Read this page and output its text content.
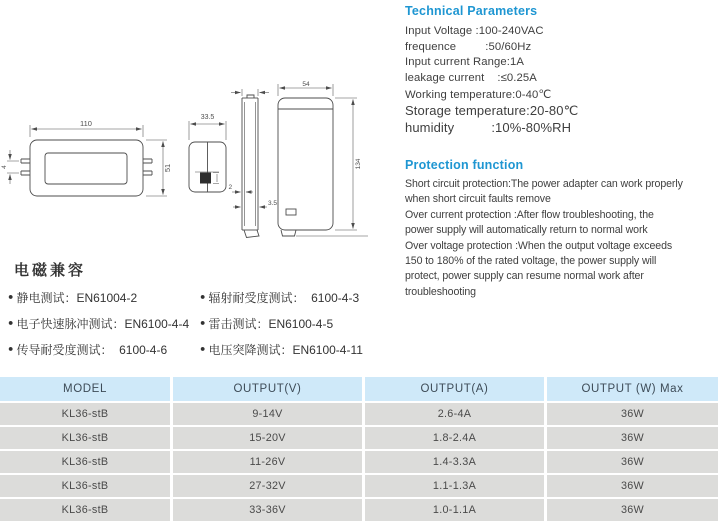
110
51
4
33.5
2
3.5
54
134
Technical Parameters
Input Voltage :100-240VAC
frequence         :50/60Hz
Input current Range:1A
leakage current    :≤0.25A
Working temperature:0-40℃
Storage temperature:20-80℃
humidity          :10%-80%RH
Protection function
Short circuit protection:The power adapter can work properly
when short circuit faults remove
Over current protection :After flow troubleshooting, the
power supply will automatically return to normal work
Over voltage protection :When the output voltage exceeds
150 to 180% of the rated voltage, the power supply will
protect, power supply can resume normal work after
troubleshooting
电磁兼容
● 静电测试：EN61004-2
● 电子快速脉冲测试：EN6100-4-4
● 传导耐受度测试：  6100-4-6
● 辐射耐受度测试：  6100-4-3
● 雷击测试：EN6100-4-5
● 电压突降测试：EN6100-4-11
MODEL	OUTPUT(V)	OUTPUT(A)	OUTPUT (W) Max
KL36-stB	9-14V	2.6-4A	36W
KL36-stB	15-20V	1.8-2.4A	36W
KL36-stB	11-26V	1.4-3.3A	36W
KL36-stB	27-32V	1.1-1.3A	36W
KL36-stB	33-36V	1.0-1.1A	36W
